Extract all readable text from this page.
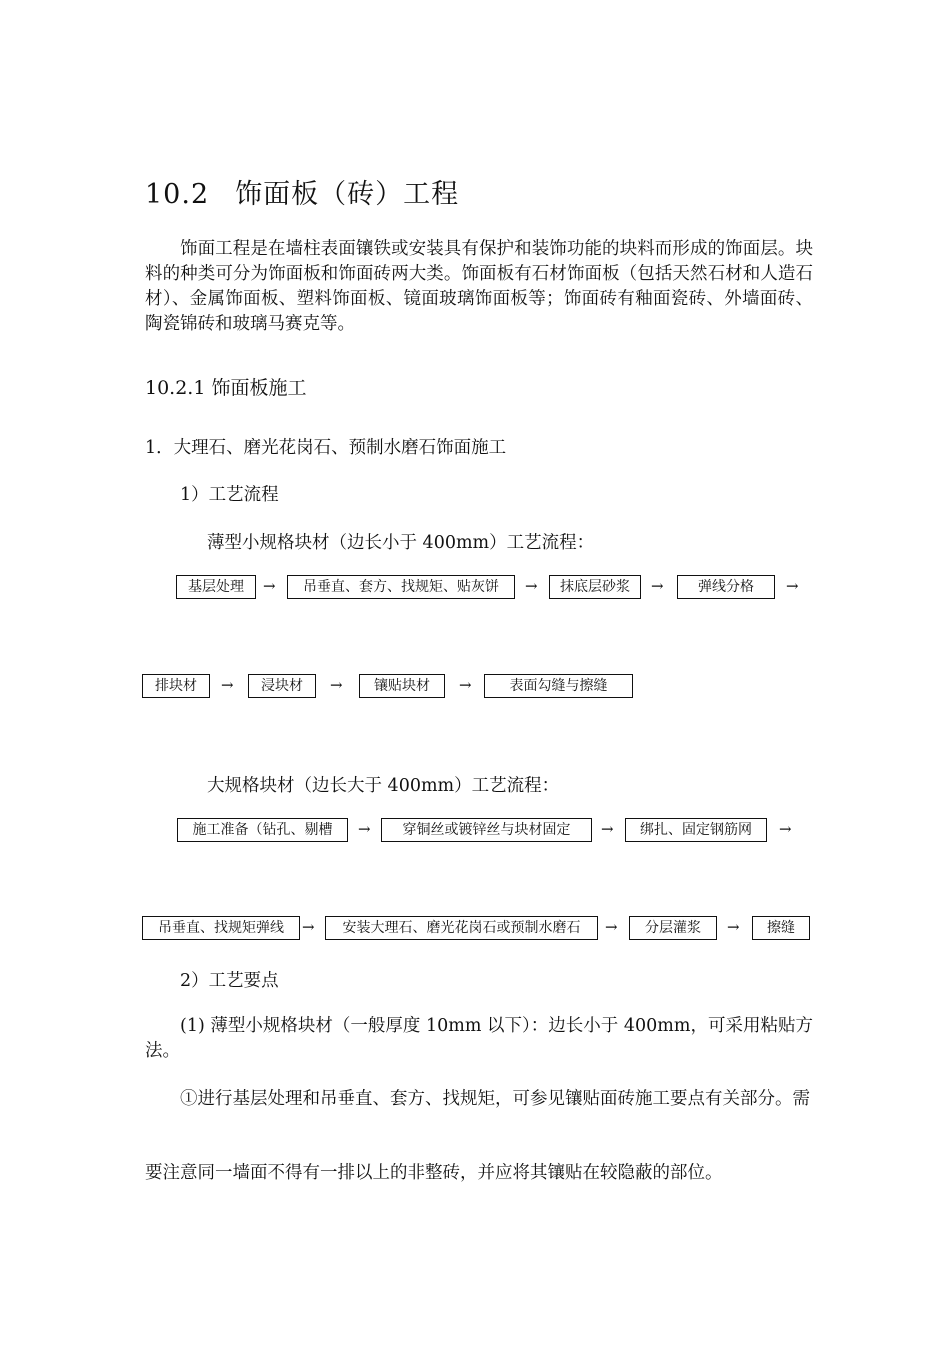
10.2 饰面板（砖）工程
饰面工程是在墙柱表面镶铁或安装具有保护和装饰功能的块料而形成的饰面层。块料的种类可分为饰面板和饰面砖两大类。饰面板有石材饰面板（包括天然石材和人造石材）、金属饰面板、塑料饰面板、镜面玻璃饰面板等；饰面砖有釉面瓷砖、外墙面砖、陶瓷锦砖和玻璃马赛克等。
10.2.1 饰面板施工
1．大理石、磨光花岗石、预制水磨石饰面施工
1）工艺流程
薄型小规格块材（边长小于 400mm）工艺流程：
基层处理	→	吊垂直、套方、找规矩、贴灰饼	→	抹底层砂浆	→	弹线分格	→
排块材	→	浸块材	→	镶贴块材	→	表面勾缝与擦缝
大规格块材（边长大于 400mm）工艺流程：
施工准备（钻孔、剔槽	→	穿铜丝或镀锌丝与块材固定	→	绑扎、固定钢筋网	→
吊垂直、找规矩弹线	→	安装大理石、磨光花岗石或预制水磨石	→	分层灌浆	→	擦缝
2）工艺要点
(1) 薄型小规格块材（一般厚度 10mm 以下）：边长小于 400mm，可采用粘贴方法。
①进行基层处理和吊垂直、套方、找规矩，可参见镶贴面砖施工要点有关部分。需
要注意同一墙面不得有一排以上的非整砖，并应将其镶贴在较隐蔽的部位。
